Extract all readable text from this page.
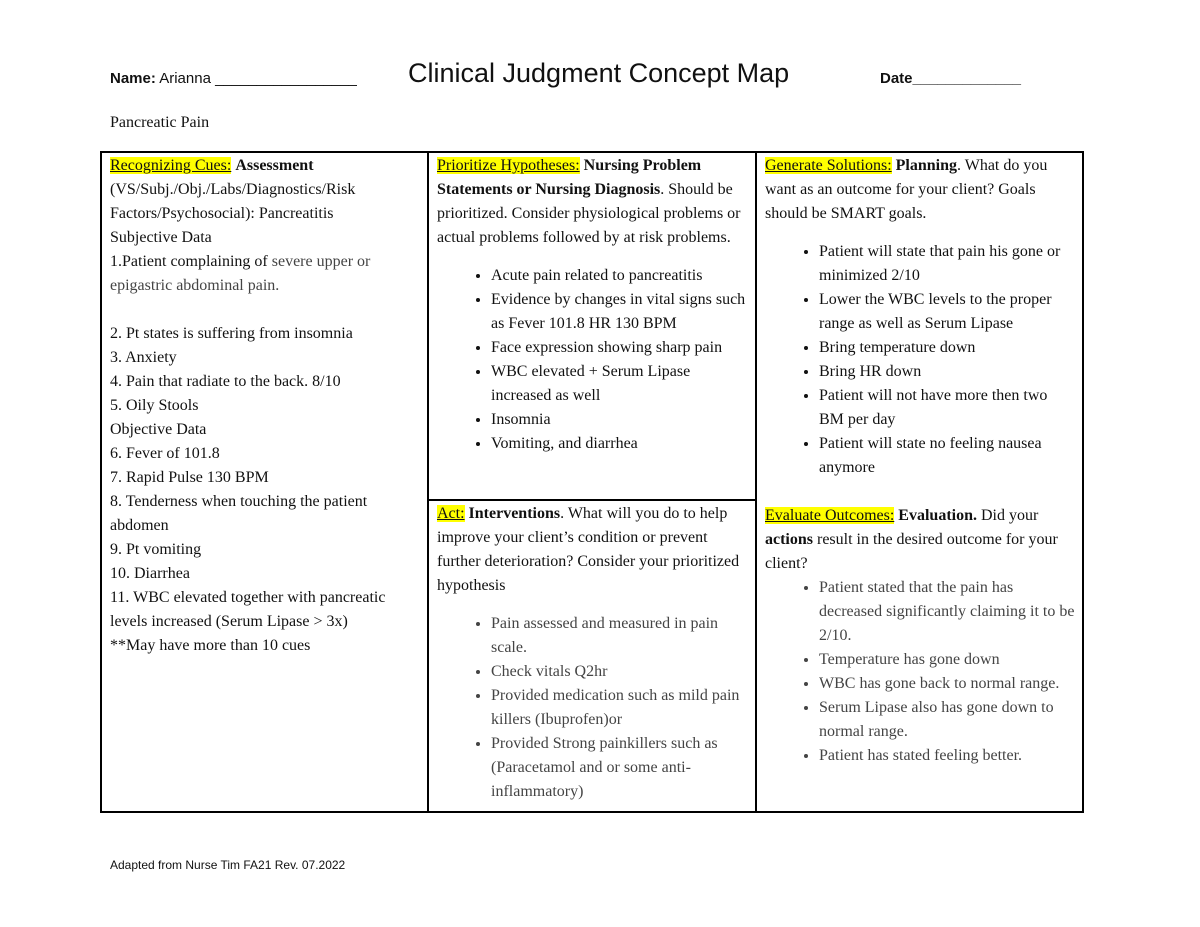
Name: Arianna _________________ Clinical Judgment Concept Map	Date_____________
Pancreatic Pain
Recognizing Cues: Assessment
(VS/Subj./Obj./Labs/Diagnostics/Risk Factors/Psychosocial): Pancreatitis
Subjective Data
1.Patient complaining of severe upper or epigastric abdominal pain.
2. Pt states is suffering from insomnia
3. Anxiety
4. Pain that radiate to the back. 8/10
5. Oily Stools
Objective Data
6. Fever of 101.8
7. Rapid Pulse 130 BPM
8. Tenderness when touching the patient abdomen
9. Pt vomiting
10. Diarrhea
11. WBC elevated together with pancreatic levels increased (Serum Lipase > 3x)
**May have more than 10 cues
Prioritize Hypotheses: Nursing Problem Statements or Nursing Diagnosis. Should be prioritized. Consider physiological problems or actual problems followed by at risk problems.
• Acute pain related to pancreatitis
• Evidence by changes in vital signs such as Fever 101.8 HR 130 BPM
• Face expression showing sharp pain
• WBC elevated + Serum Lipase increased as well
• Insomnia
• Vomiting, and diarrhea
Act: Interventions. What will you do to help improve your client’s condition or prevent further deterioration? Consider your prioritized hypothesis
• Pain assessed and measured in pain scale.
• Check vitals Q2hr
• Provided medication such as mild pain killers (Ibuprofen)or
• Provided Strong painkillers such as (Paracetamol and or some anti-inflammatory)
Generate Solutions: Planning. What do you want as an outcome for your client? Goals should be SMART goals.
• Patient will state that pain his gone or minimized 2/10
• Lower the WBC levels to the proper range as well as Serum Lipase
• Bring temperature down
• Bring HR down
• Patient will not have more then two BM per day
• Patient will state no feeling nausea anymore
Evaluate Outcomes: Evaluation. Did your actions result in the desired outcome for your client?
• Patient stated that the pain has decreased significantly claiming it to be 2/10.
• Temperature has gone down
• WBC has gone back to normal range.
• Serum Lipase also has gone down to normal range.
• Patient has stated feeling better.
Adapted from Nurse Tim FA21 Rev. 07.2022
